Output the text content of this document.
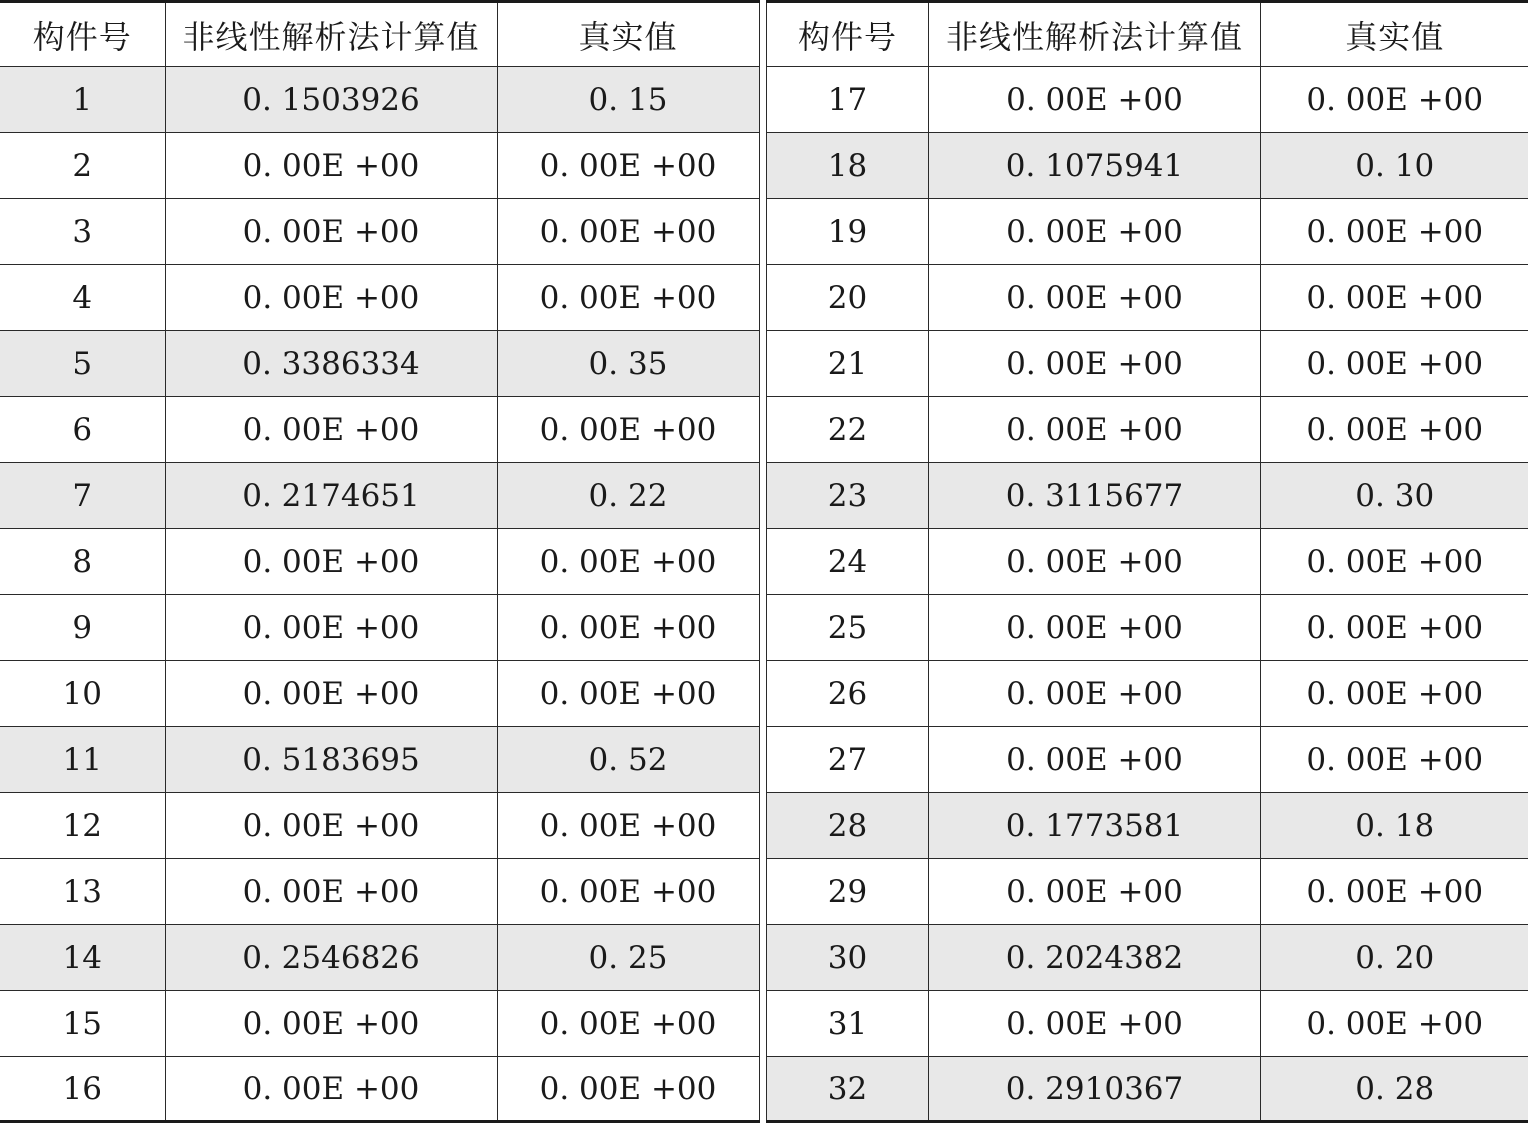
构件号	非线性解析法计算值	真实值
1	0. 1503926	0. 15
2	0. 00E +00	0. 00E +00
3	0. 00E +00	0. 00E +00
4	0. 00E +00	0. 00E +00
5	0. 3386334	0. 35
6	0. 00E +00	0. 00E +00
7	0. 2174651	0. 22
8	0. 00E +00	0. 00E +00
9	0. 00E +00	0. 00E +00
10	0. 00E +00	0. 00E +00
11	0. 5183695	0. 52
12	0. 00E +00	0. 00E +00
13	0. 00E +00	0. 00E +00
14	0. 2546826	0. 25
15	0. 00E +00	0. 00E +00
16	0. 00E +00	0. 00E +00
构件号	非线性解析法计算值	真实值
17	0. 00E +00	0. 00E +00
18	0. 1075941	0. 10
19	0. 00E +00	0. 00E +00
20	0. 00E +00	0. 00E +00
21	0. 00E +00	0. 00E +00
22	0. 00E +00	0. 00E +00
23	0. 3115677	0. 30
24	0. 00E +00	0. 00E +00
25	0. 00E +00	0. 00E +00
26	0. 00E +00	0. 00E +00
27	0. 00E +00	0. 00E +00
28	0. 1773581	0. 18
29	0. 00E +00	0. 00E +00
30	0. 2024382	0. 20
31	0. 00E +00	0. 00E +00
32	0. 2910367	0. 28
